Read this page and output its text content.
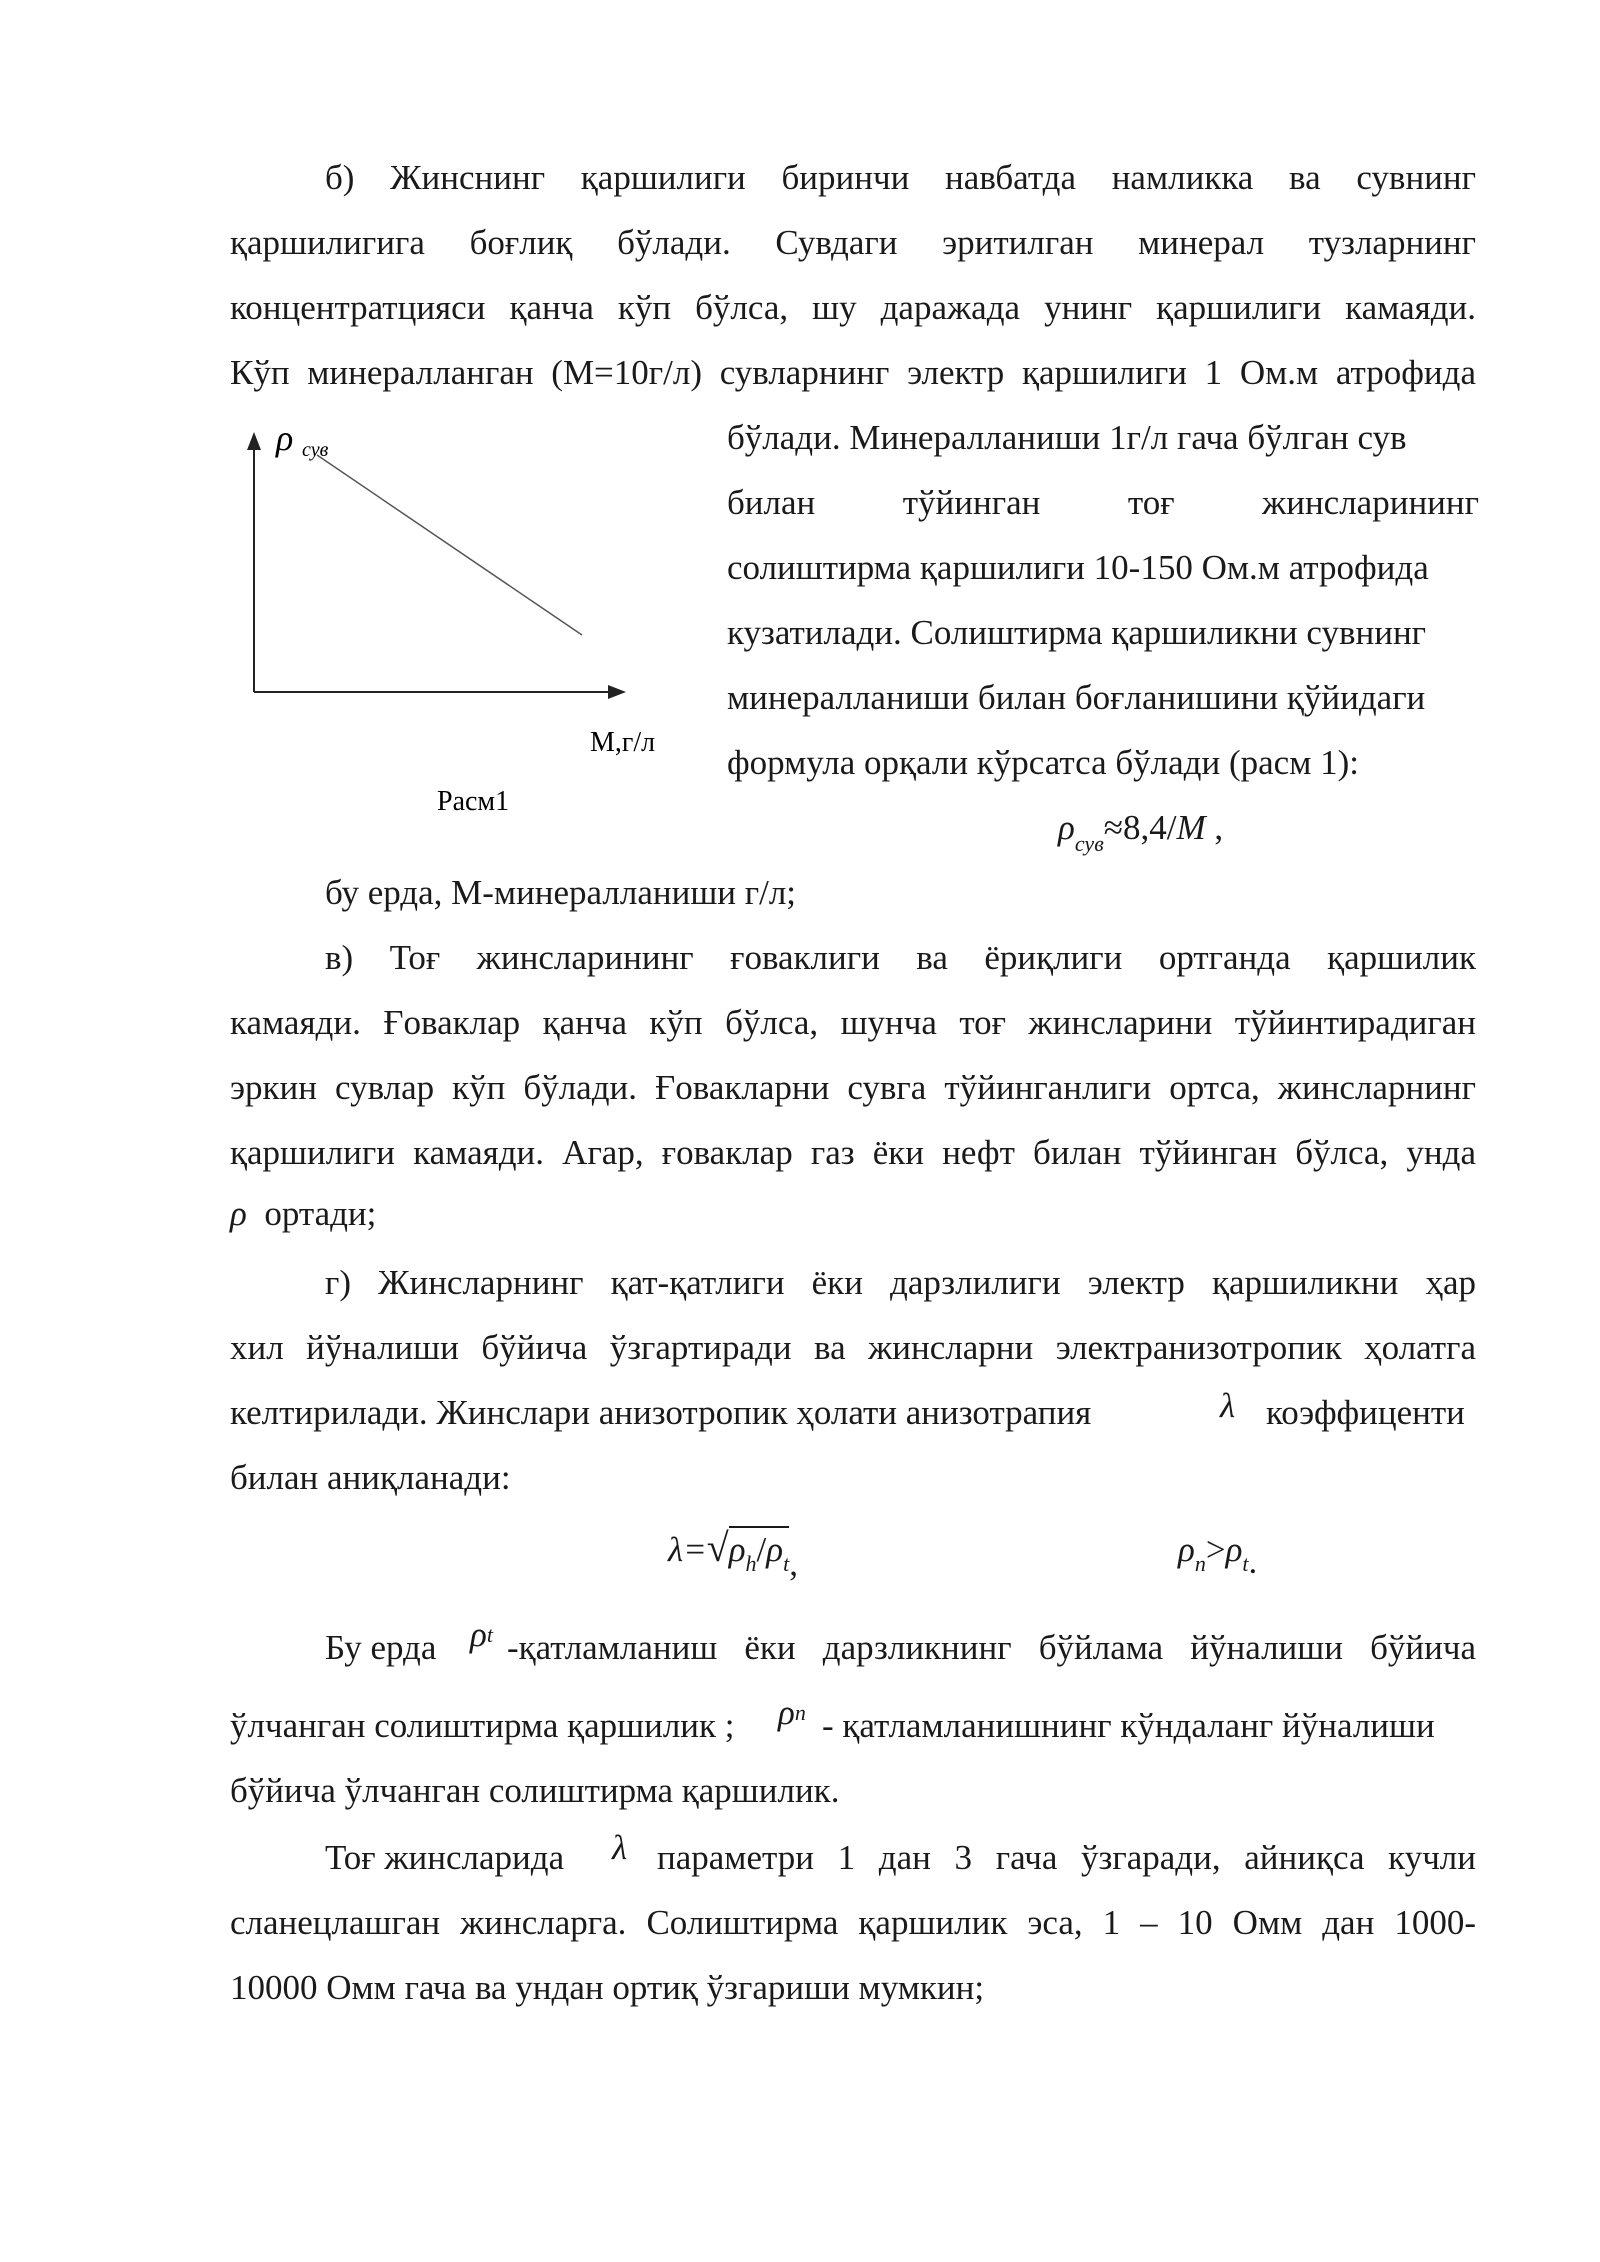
б) Жинснинг қаршилиги биринчи навбатда намликка ва сувнинг
қаршилигига боғлиқ бўлади. Сувдаги эритилган минерал тузларнинг
концентратцияси қанча кўп бўлса, шу даражада унинг қаршилиги камаяди.
Кўп минералланган (М=10г/л) сувларнинг электр қаршилиги 1 Ом.м атрофида
ρ сув
М,г/л
Расм1
бўлади. Минералланиши 1г/л гача бўлган сув
билан тўйинган тоғ жинсларининг
солиштирма қаршилиги 10-150 Ом.м атрофида
кузатилади. Солиштирма қаршиликни сувнинг
минералланиши билан боғланишини қўйидаги
формула орқали кўрсатса бўлади (расм 1):
$\rho_{сув}\approx 8,4/M$ ,
бу ерда, М-минералланиши г/л;
в) Тоғ жинсларининг ғоваклиги ва ёриқлиги ортганда қаршилик
камаяди. Ғоваклар қанча кўп бўлса, шунча тоғ жинсларини тўйинтирадиган
эркин сувлар кўп бўлади. Ғовакларни сувга тўйинганлиги ортса, жинсларнинг
қаршилиги камаяди. Агар, ғоваклар газ ёки нефт билан тўйинган бўлса, унда
ρ ортади;
г) Жинсларнинг қат-қатлиги ёки дарзлилиги электр қаршиликни ҳар
хил йўналиши бўйича ўзгартиради ва жинсларни электранизотропик ҳолатга
келтирилади. Жинслари анизотропик ҳолати анизотрапия	λ коэффиценти
билан аниқланади:
$\lambda=√\rho_h/\rho_t$,	$\rho_n>\rho_t$.
Бу ерда ρt -қатламланиш ёки дарзликнинг бўйлама йўналиши бўйича
ўлчанган солиштирма қаршилик ; ρn - қатламланишнинг кўндаланг йўналиши
бўйича ўлчанган солиштирма қаршилик.
Тоғ жинсларида λ параметри 1 дан 3 гача ўзгаради, айниқса кучли
сланецлашган жинсларга. Солиштирма қаршилик эса, 1 – 10 Омм дан 1000-
10000 Омм гача ва ундан ортиқ ўзгариши мумкин;
